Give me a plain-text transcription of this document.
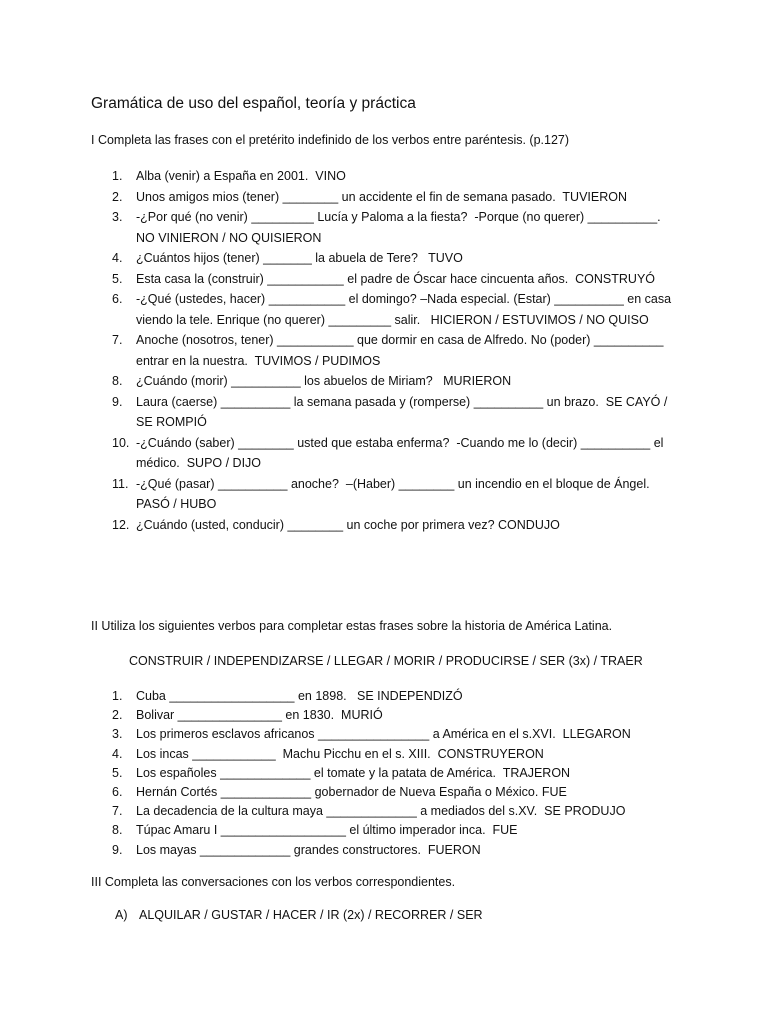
Gramática de uso del español, teoría y práctica
I Completa las frases con el pretérito indefinido de los verbos entre paréntesis. (p.127)
1. Alba (venir) a España en 2001.  VINO
2. Unos amigos mios (tener) ________ un accidente el fin de semana pasado.  TUVIERON
3. -¿Por qué (no venir) _________ Lucía y Paloma a la fiesta?  -Porque (no querer) __________. NO VINIERON / NO QUISIERON
4. ¿Cuántos hijos (tener) _______ la abuela de Tere?   TUVO
5. Esta casa la (construir) ___________ el padre de Óscar hace cincuenta años.  CONSTRUYÓ
6. -¿Qué (ustedes, hacer) ___________ el domingo? –Nada especial. (Estar) __________ en casa viendo la tele. Enrique (no querer) _________ salir.   HICIERON / ESTUVIMOS / NO QUISO
7. Anoche (nosotros, tener) ___________ que dormir en casa de Alfredo. No (poder) __________ entrar en la nuestra.  TUVIMOS / PUDIMOS
8. ¿Cuándo (morir) __________ los abuelos de Miriam?   MURIERON
9. Laura (caerse) __________ la semana pasada y (romperse) __________ un brazo.  SE CAYÓ / SE ROMPIÓ
10. -¿Cuándo (saber) ________ usted que estaba enferma?  -Cuando me lo (decir) __________ el médico.  SUPO / DIJO
11. -¿Qué (pasar) __________ anoche?  –(Haber) ________ un incendio en el bloque de Ángel.  PASÓ / HUBO
12. ¿Cuándo (usted, conducir) ________ un coche por primera vez? CONDUJO
II Utiliza los siguientes verbos para completar estas frases sobre la historia de América Latina.
CONSTRUIR / INDEPENDIZARSE / LLEGAR / MORIR / PRODUCIRSE / SER (3x) / TRAER
1. Cuba __________________ en 1898.   SE INDEPENDIZÓ
2. Bolivar _______________ en 1830.  MURIÓ
3. Los primeros esclavos africanos ________________ a América en el s.XVI.  LLEGARON
4. Los incas ____________  Machu Picchu en el s. XIII.  CONSTRUYERON
5. Los españoles _____________ el tomate y la patata de América.  TRAJERON
6. Hernán Cortés _____________ gobernador de Nueva España o México. FUE
7. La decadencia de la cultura maya _____________ a mediados del s.XV.  SE PRODUJO
8. Túpac Amaru I __________________ el último imperador inca.  FUE
9. Los mayas _____________ grandes constructores.  FUERON
III Completa las conversaciones con los verbos correspondientes.
A) ALQUILAR / GUSTAR / HACER / IR (2x) / RECORRER / SER
